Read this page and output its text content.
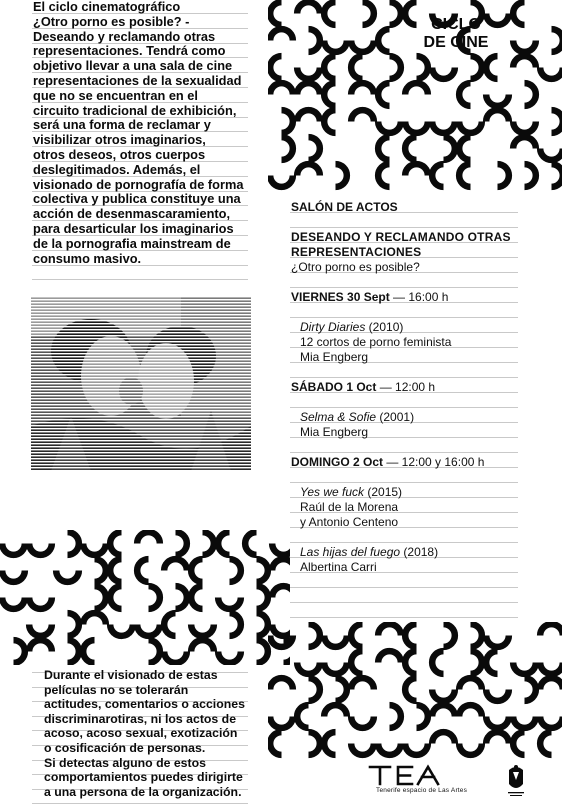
El ciclo cinematográfico
¿Otro porno es posible? -
Deseando y reclamando otras
representaciones. Tendrá como
objetivo llevar a una sala de cine
representaciones de la sexualidad
que no se encuentran en el
circuito tradicional de exhibición,
será una forma de reclamar y
visibilizar otros imaginarios,
otros deseos, otros cuerpos
deslegitimados. Además, el
visionado de pornografía de forma
colectiva y publica constituye una
acción de desenmascaramiento,
para desarticular los imaginarios
de la pornografia mainstream de
consumo masivo.
CICLO
DE CINE
SALÓN DE ACTOS
DESEANDO Y RECLAMANDO OTRAS
REPRESENTACIONES
¿Otro porno es posible?
VIERNES 30 Sept — 16:00 h
Dirty Diaries (2010)
12 cortos de porno feminista
Mia Engberg
SÁBADO 1 Oct — 12:00 h
Selma & Sofie (2001)
Mia Engberg
DOMINGO 2 Oct — 12:00 y 16:00 h
Yes we fuck (2015)
Raúl de la Morena
y Antonio Centeno
Las hijas del fuego (2018)
Albertina Carri
Durante el visionado de estas
películas no se tolerarán
actitudes, comentarios o acciones
discriminarotiras, ni los actos de
acoso, acoso sexual, exotización
o cosificación de personas.
Si detectas alguno de estos
comportamientos puedes dirigirte
a una persona de la organización.	Tenerife espacio de Las Artes
